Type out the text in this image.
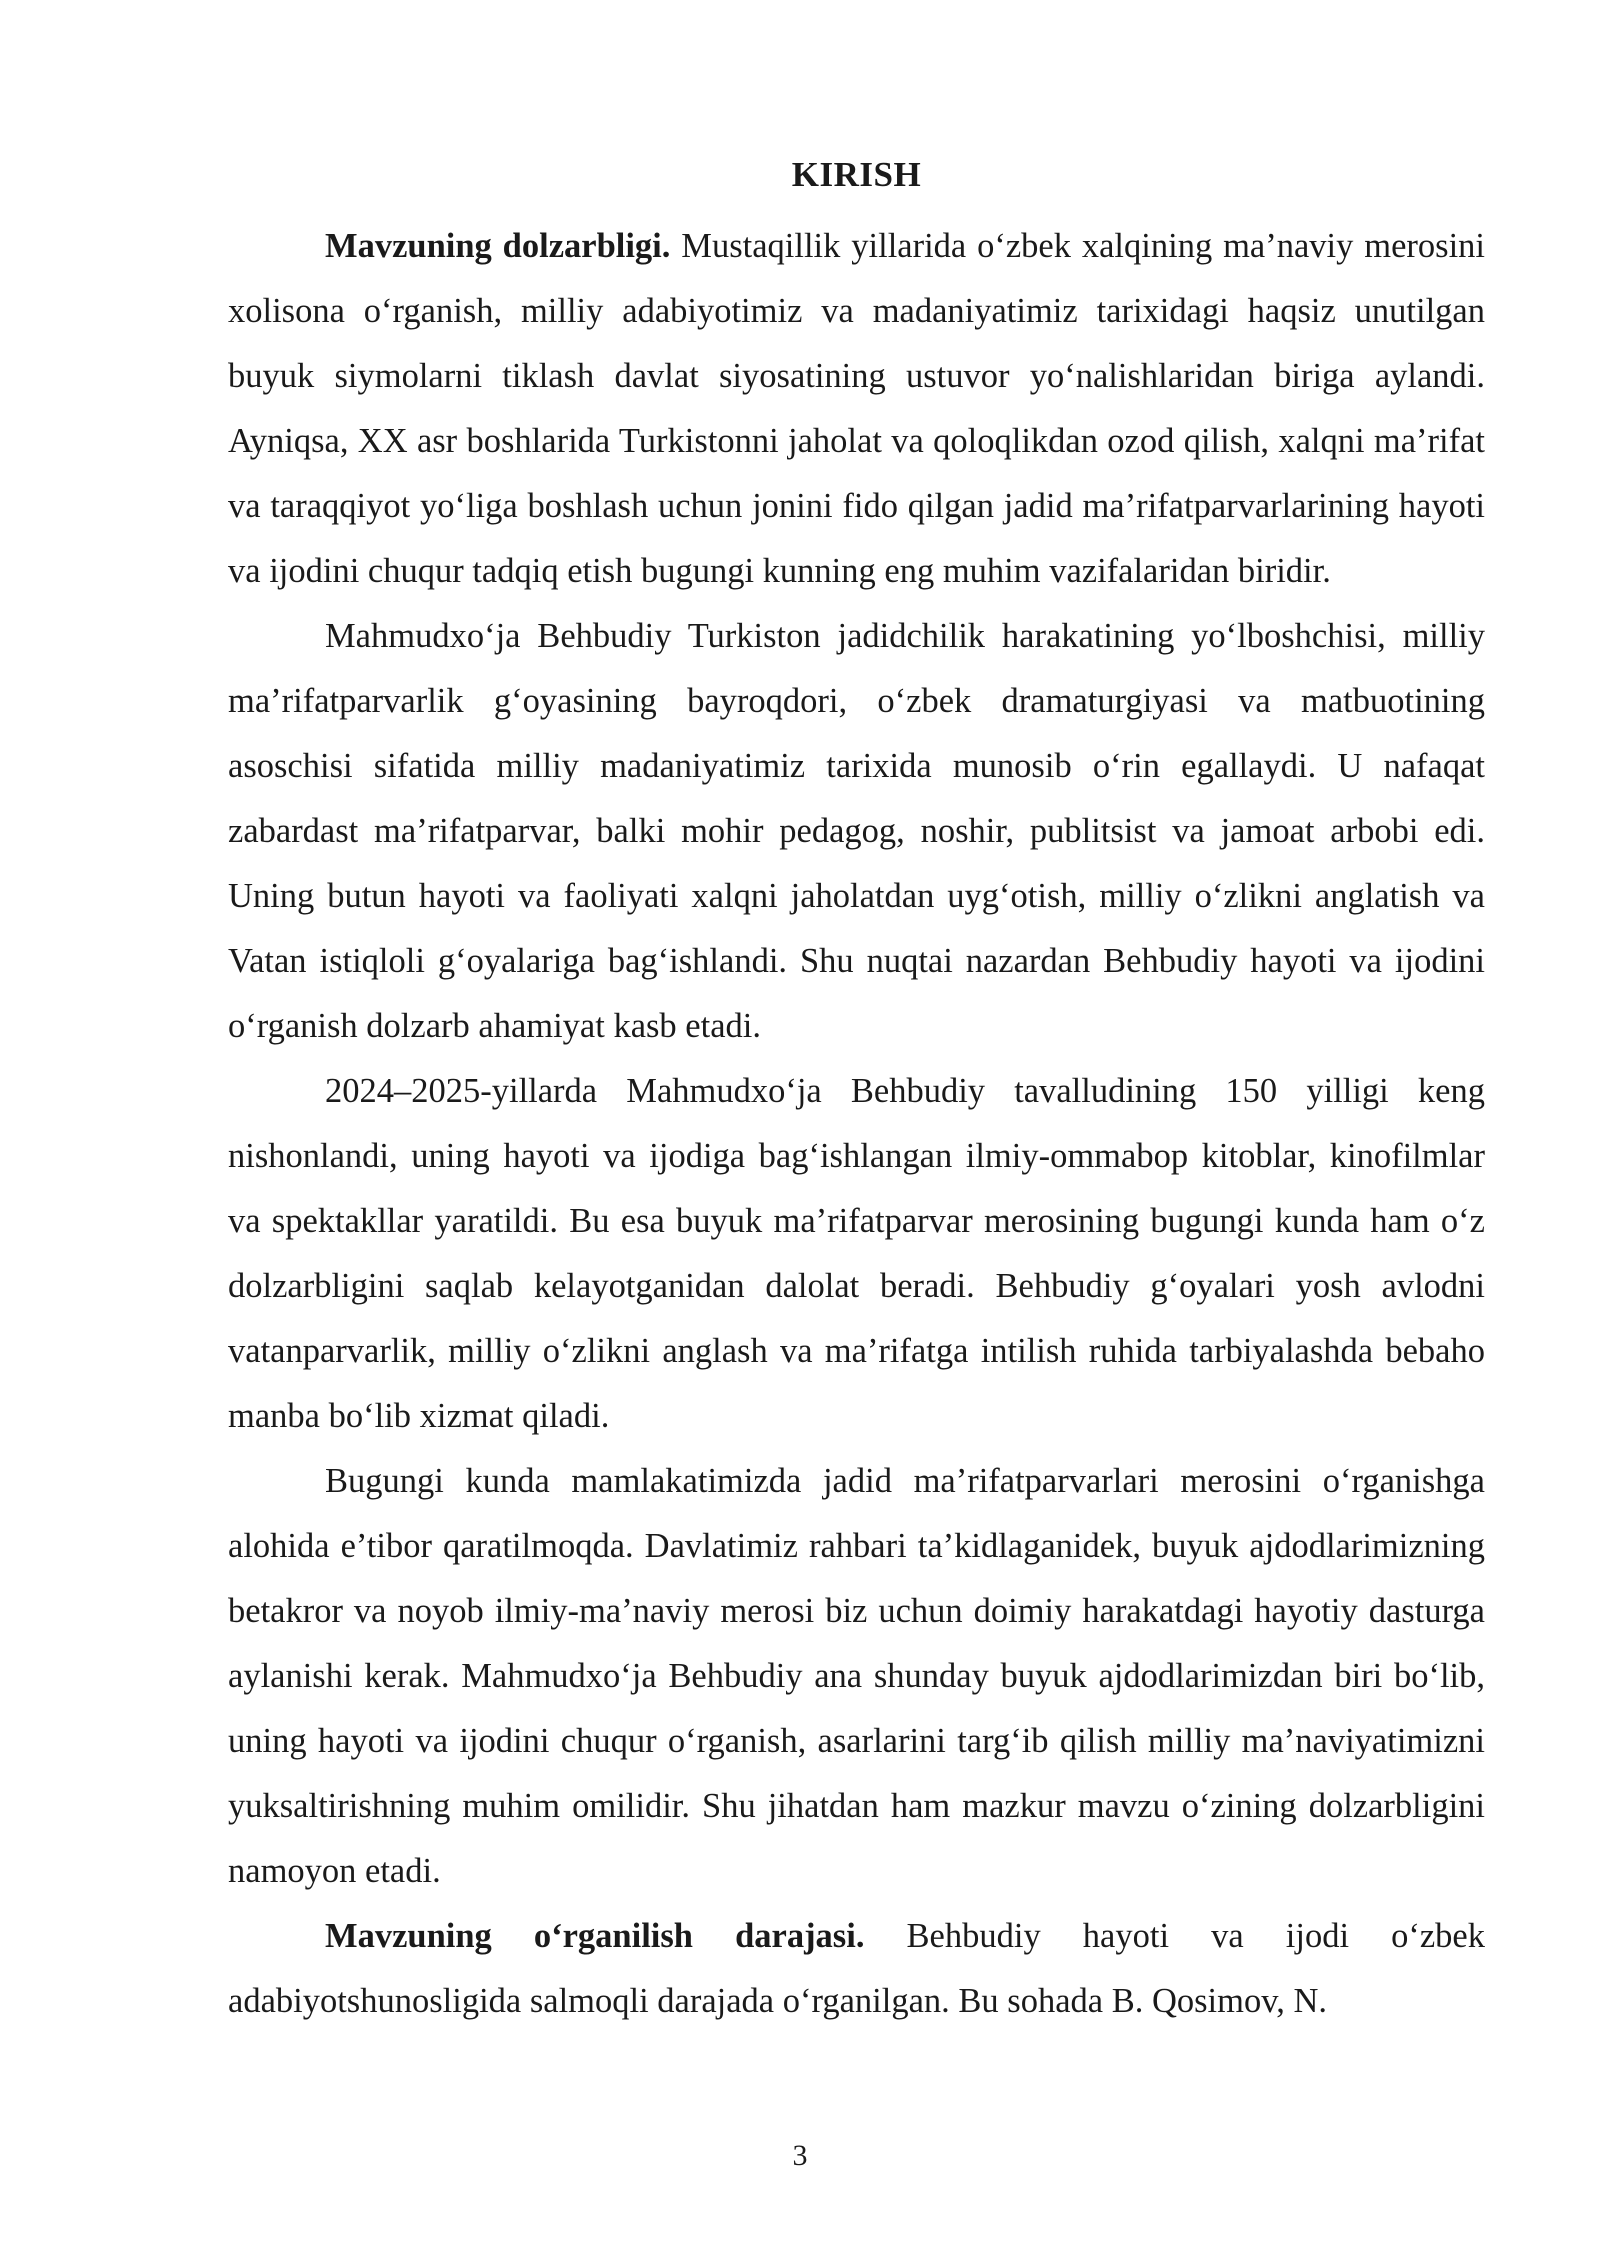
KIRISH

Mavzuning dolzarbligi. Mustaqillik yillarida o‘zbek xalqining ma’naviy merosini xolisona o‘rganish, milliy adabiyotimiz va madaniyatimiz tarixidagi haqsiz unutilgan buyuk siymolarni tiklash davlat siyosatining ustuvor yo‘nalishlaridan biriga aylandi. Ayniqsa, XX asr boshlarida Turkistonni jaholat va qoloqlikdan ozod qilish, xalqni ma’rifat va taraqqiyot yo‘liga boshlash uchun jonini fido qilgan jadid ma’rifatparvarlarining hayoti va ijodini chuqur tadqiq etish bugungi kunning eng muhim vazifalaridan biridir.

Mahmudxo‘ja Behbudiy Turkiston jadidchilik harakatining yo‘lboshchisi, milliy ma’rifatparvarlik g‘oyasining bayroqdori, o‘zbek dramaturgiyasi va matbuotining asoschisi sifatida milliy madaniyatimiz tarixida munosib o‘rin egallaydi. U nafaqat zabardast ma’rifatparvar, balki mohir pedagog, noshir, publitsist va jamoat arbobi edi. Uning butun hayoti va faoliyati xalqni jaholatdan uyg‘otish, milliy o‘zlikni anglatish va Vatan istiqloli g‘oyalariga bag‘ishlandi. Shu nuqtai nazardan Behbudiy hayoti va ijodini o‘rganish dolzarb ahamiyat kasb etadi.

2024–2025-yillarda Mahmudxo‘ja Behbudiy tavalludining 150 yilligi keng nishonlandi, uning hayoti va ijodiga bag‘ishlangan ilmiy-ommabop kitoblar, kinofilmlar va spektakllar yaratildi. Bu esa buyuk ma’rifatparvar merosining bugungi kunda ham o‘z dolzarbligini saqlab kelayotganidan dalolat beradi. Behbudiy g‘oyalari yosh avlodni vatanparvarlik, milliy o‘zlikni anglash va ma’rifatga intilish ruhida tarbiyalashda bebaho manba bo‘lib xizmat qiladi.

Bugungi kunda mamlakatimizda jadid ma’rifatparvarlari merosini o‘rganishga alohida e’tibor qaratilmoqda. Davlatimiz rahbari ta’kidlaganidek, buyuk ajdodlarimizning betakror va noyob ilmiy-ma’naviy merosi biz uchun doimiy harakatdagi hayotiy dasturga aylanishi kerak. Mahmudxo‘ja Behbudiy ana shunday buyuk ajdodlarimizdan biri bo‘lib, uning hayoti va ijodini chuqur o‘rganish, asarlarini targ‘ib qilish milliy ma’naviyatimizni yuksaltirishning muhim omilidir. Shu jihatdan ham mazkur mavzu o‘zining dolzarbligini namoyon etadi.

Mavzuning o‘rganilish darajasi. Behbudiy hayoti va ijodi o‘zbek adabiyotshunosligida salmoqli darajada o‘rganilgan. Bu sohada B. Qosimov, N.

3
